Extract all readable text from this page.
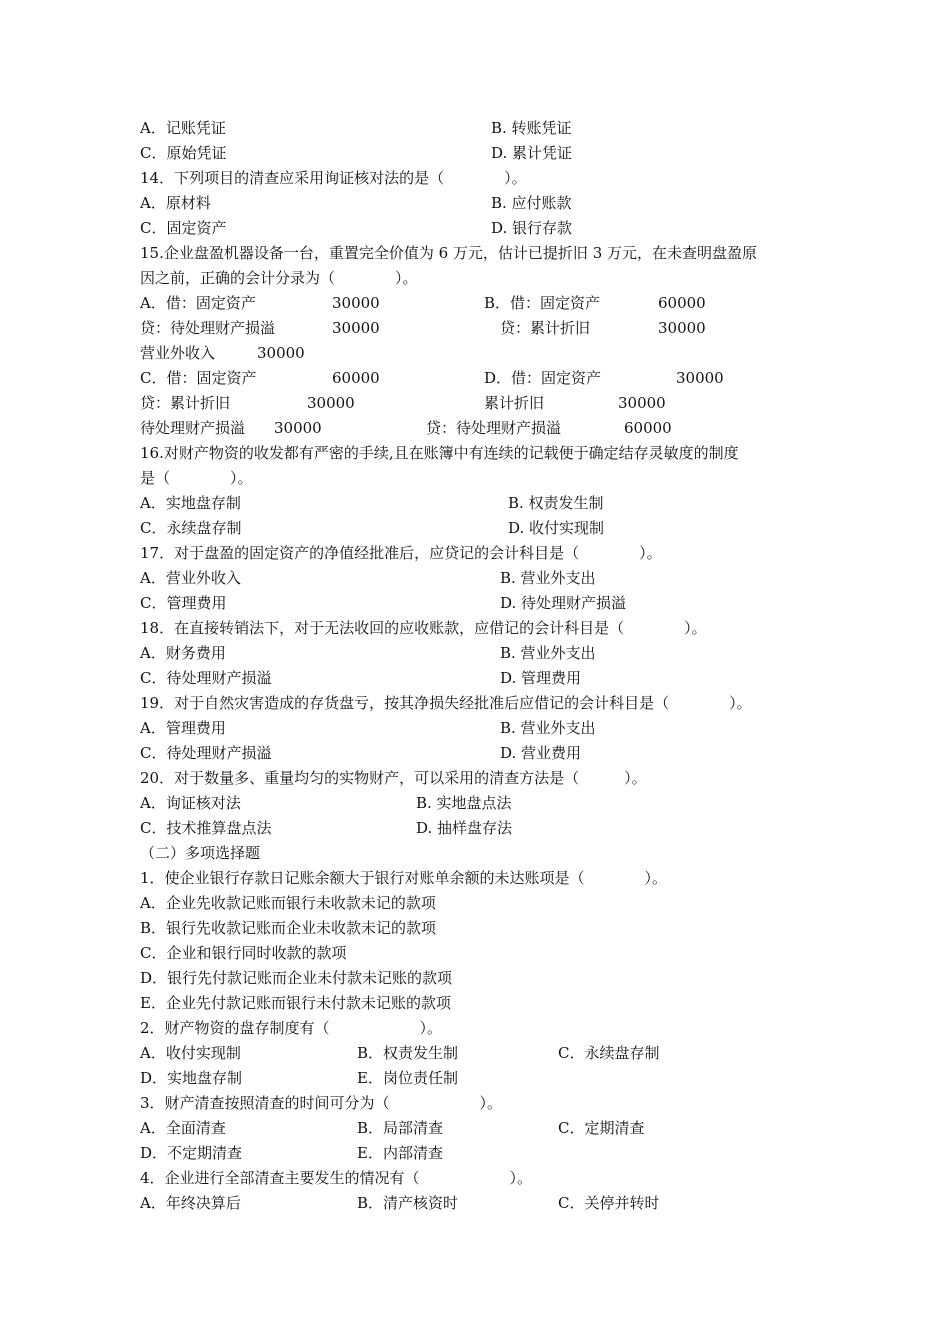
A．记账凭证	B. 转账凭证
C．原始凭证	D. 累计凭证
14．下列项目的清查应采用询证核对法的是（　　　　）。
A．原材料	B. 应付账款
C．固定资产	D. 银行存款
15.企业盘盈机器设备一台，重置完全价值为 6 万元，估计已提折旧 3 万元，在未查明盘盈原
因之前，正确的会计分录为（　　　　）。
A．借：固定资产	30000	B．借：固定资产	60000
贷：待处理财产损溢	30000	贷：累计折旧	30000
营业外收入	30000
C．借：固定资产	60000	D．借：固定资产	30000
贷：累计折旧	30000	累计折旧	30000
待处理财产损溢 30000	贷：待处理财产损溢	60000
16.对财产物资的收发都有严密的手续,且在账簿中有连续的记载便于确定结存灵敏度的制度
是（　　　　）。
A．实地盘存制	B. 权责发生制
C．永续盘存制	D. 收付实现制
17．对于盘盈的固定资产的净值经批准后，应贷记的会计科目是（　　　　）。
A．营业外收入	B. 营业外支出
C．管理费用	D. 待处理财产损溢
18．在直接转销法下，对于无法收回的应收账款，应借记的会计科目是（　　　　）。
A．财务费用	B. 营业外支出
C．待处理财产损溢	D. 管理费用
19．对于自然灾害造成的存货盘亏，按其净损失经批准后应借记的会计科目是（　　　　）。
A．管理费用	B. 营业外支出
C．待处理财产损溢	D. 营业费用
20．对于数量多、重量均匀的实物财产，可以采用的清查方法是（　　　）。
A．询证核对法	B. 实地盘点法
C．技术推算盘点法	D. 抽样盘存法
（二）多项选择题
1．使企业银行存款日记账余额大于银行对账单余额的未达账项是（　　　　）。
A．企业先收款记账而银行未收款未记的款项
B．银行先收款记账而企业未收款未记的款项
C．企业和银行同时收款的款项
D．银行先付款记账而企业未付款未记账的款项
E．企业先付款记账而银行未付款未记账的款项
2．财产物资的盘存制度有（　　　　　　）。
A．收付实现制	B．权责发生制	C．永续盘存制
D．实地盘存制	E．岗位责任制
3．财产清查按照清查的时间可分为（　　　　　　）。
A．全面清查	B．局部清查	C．定期清查
D．不定期清查	E．内部清查
4．企业进行全部清查主要发生的情况有（　　　　　　）。
A．年终决算后	B．清产核资时	C．关停并转时
